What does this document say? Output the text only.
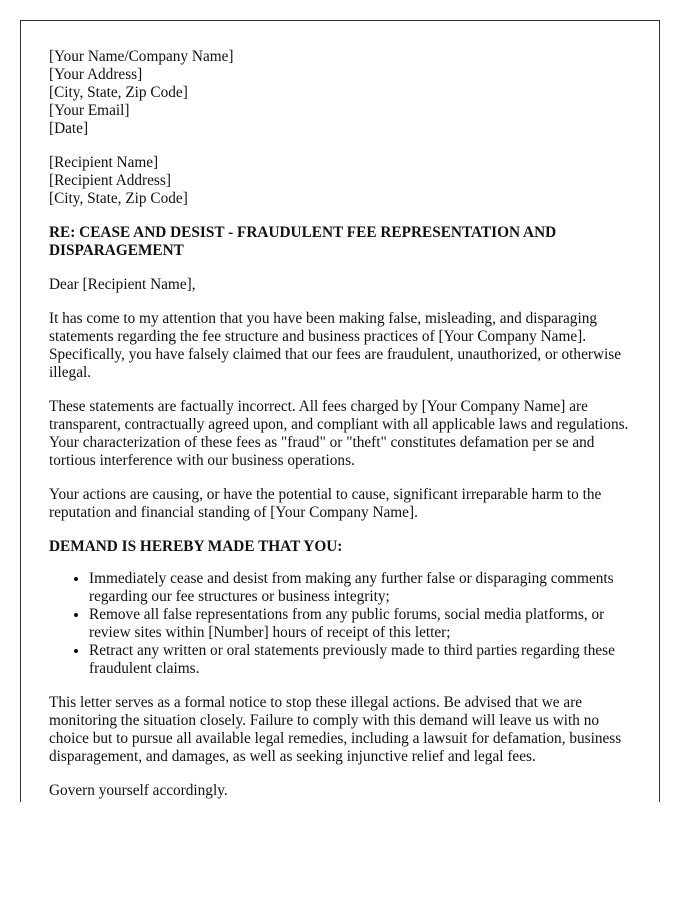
[Your Name/Company Name]
[Your Address]
[City, State, Zip Code]
[Your Email]
[Date]
[Recipient Name]
[Recipient Address]
[City, State, Zip Code]
RE: CEASE AND DESIST - FRAUDULENT FEE REPRESENTATION AND DISPARAGEMENT

Dear [Recipient Name],

It has come to my attention that you have been making false, misleading, and disparaging statements regarding the fee structure and business practices of [Your Company Name]. Specifically, you have falsely claimed that our fees are fraudulent, unauthorized, or otherwise illegal.

These statements are factually incorrect. All fees charged by [Your Company Name] are transparent, contractually agreed upon, and compliant with all applicable laws and regulations. Your characterization of these fees as "fraud" or "theft" constitutes defamation per se and tortious interference with our business operations.

Your actions are causing, or have the potential to cause, significant irreparable harm to the reputation and financial standing of [Your Company Name].

DEMAND IS HEREBY MADE THAT YOU:
• Immediately cease and desist from making any further false or disparaging comments regarding our fee structures or business integrity;
• Remove all false representations from any public forums, social media platforms, or review sites within [Number] hours of receipt of this letter;
• Retract any written or oral statements previously made to third parties regarding these fraudulent claims.

This letter serves as a formal notice to stop these illegal actions. Be advised that we are monitoring the situation closely. Failure to comply with this demand will leave us with no choice but to pursue all available legal remedies, including a lawsuit for defamation, business disparagement, and damages, as well as seeking injunctive relief and legal fees.

Govern yourself accordingly.
